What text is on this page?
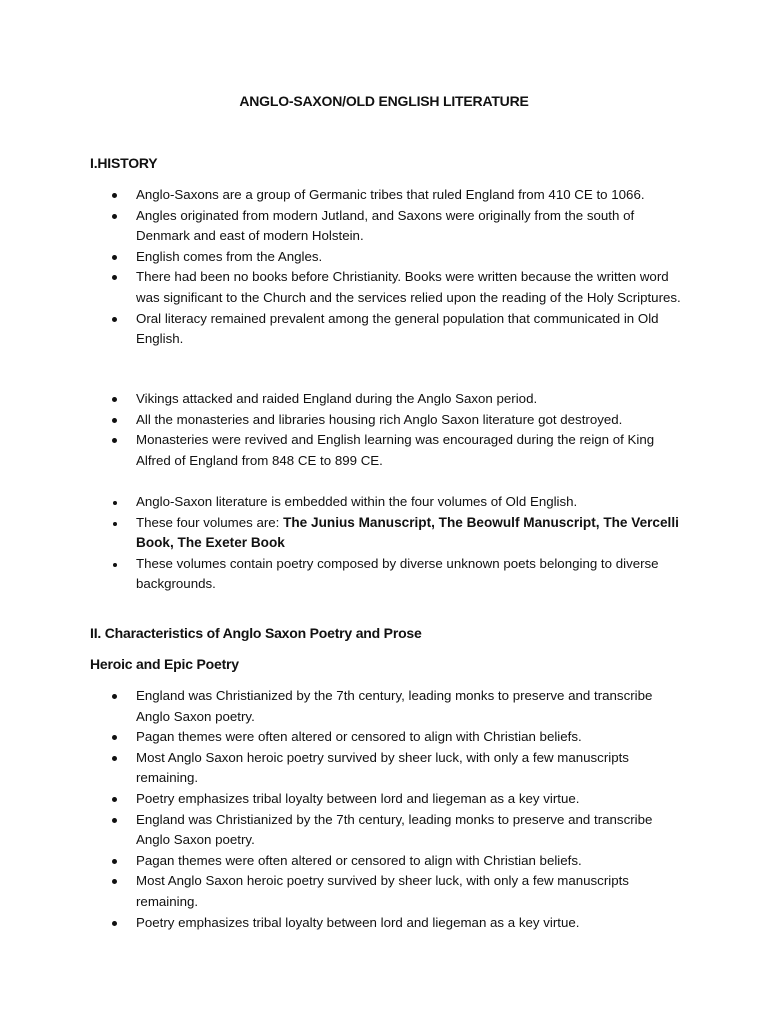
ANGLO-SAXON/OLD ENGLISH LITERATURE
I.HISTORY
Anglo-Saxons are a group of Germanic tribes that ruled England from 410 CE to 1066.
Angles originated from modern Jutland, and Saxons were originally from the south of Denmark and east of modern Holstein.
English comes from the Angles.
There had been no books before Christianity. Books were written because the written word was significant to the Church and the services relied upon the reading of the Holy Scriptures.
Oral literacy remained prevalent among the general population that communicated in Old English.
Vikings attacked and raided England during the Anglo Saxon period.
All the monasteries and libraries housing rich Anglo Saxon literature got destroyed.
Monasteries were revived and English learning was encouraged during the reign of King Alfred of England from 848 CE to 899 CE.
Anglo-Saxon literature is embedded within the four volumes of Old English.
These four volumes are: The Junius Manuscript, The Beowulf Manuscript, The Vercelli Book, The Exeter Book
These volumes contain poetry composed by diverse unknown poets belonging to diverse backgrounds.
II. Characteristics of Anglo Saxon Poetry and Prose
Heroic and Epic Poetry
England was Christianized by the 7th century, leading monks to preserve and transcribe Anglo Saxon poetry.
Pagan themes were often altered or censored to align with Christian beliefs.
Most Anglo Saxon heroic poetry survived by sheer luck, with only a few manuscripts remaining.
Poetry emphasizes tribal loyalty between lord and liegeman as a key virtue.
England was Christianized by the 7th century, leading monks to preserve and transcribe Anglo Saxon poetry.
Pagan themes were often altered or censored to align with Christian beliefs.
Most Anglo Saxon heroic poetry survived by sheer luck, with only a few manuscripts remaining.
Poetry emphasizes tribal loyalty between lord and liegeman as a key virtue.
